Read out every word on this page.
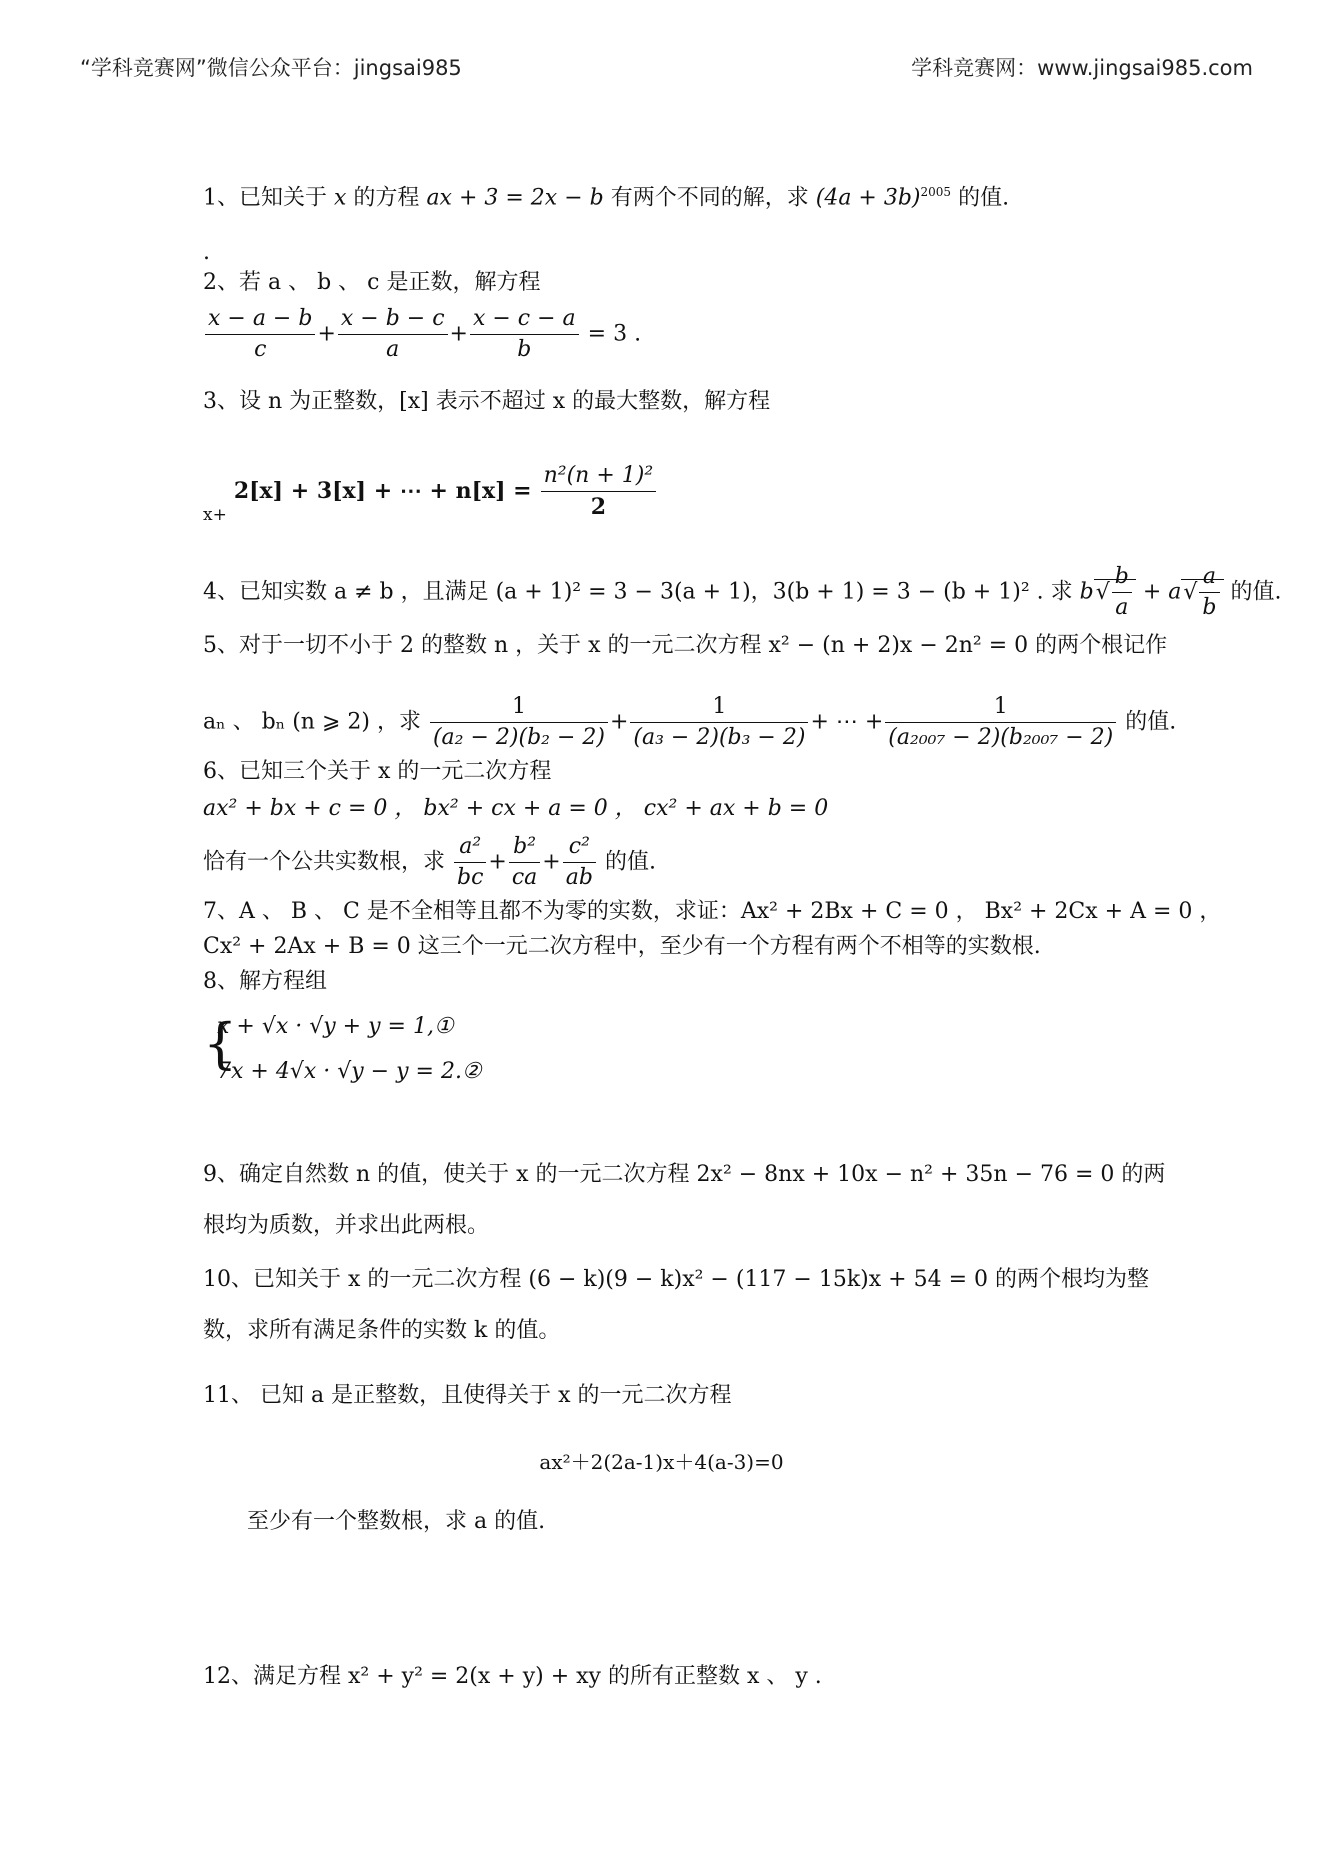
“学科竞赛网”微信公众平台：jingsai985	学科竞赛网：www.jingsai985.com
1、已知关于 x 的方程 ax + 3 = 2x − b 有两个不同的解，求 $(4a + 3b)^{2005}$ 的值.
.
2、若 a 、 b 、 c 是正数，解方程
$\frac{x - a - b}{c} + \frac{x - b - c}{a} + \frac{x - c - a}{b} = 3$ .
3、设 n 为正整数，[x] 表示不超过 x 的最大整数，解方程
$_{x+}$ 2[x] + 3[x] + ⋯ + $n[x] = \frac{\text{n²(n + 1)²}}{2}$
4、已知实数 a ≠ b ，且满足 (a + 1)² = 3 − 3(a + 1)，3(b + 1) = 3 − (b + 1)² . 求 $b√ \frac{b}{a} + a√ \frac{a}{b}$ 的值.
5、对于一切不小于 2 的整数 n ，关于 x 的一元二次方程 x² − (n + 2)x − 2n² = 0 的两个根记作
aₙ 、 bₙ (n ⩾ 2) ，求 $\frac{1}{\text{(a₂ − 2)(b₂ − 2)}} + \frac{1}{\text{(a₃ − 2)(b₃ − 2)}}$ + ⋯ + $\frac{1}{\text{(a₂₀₀₇ − 2)(b₂₀₀₇ − 2)}}$ 的值.
6、已知三个关于 x 的一元二次方程
ax² + bx + c = 0 ， bx² + cx + a = 0 ， cx² + ax + b = 0
恰有一个公共实数根，求 $\frac{\text{a²}}{bc} + \frac{\text{b²}}{ca} + \frac{\text{c²}}{ab}$ 的值.
7、A 、 B 、 C 是不全相等且都不为零的实数，求证：Ax² + 2Bx + C = 0 ， Bx² + 2Cx + A = 0 ，
Cx² + 2Ax + B = 0 这三个一元二次方程中，至少有一个方程有两个不相等的实数根.
8、解方程组
{
x + √x · √y + y = 1,①
7x + 4√x · √y − y = 2.②
9、确定自然数 n 的值，使关于 x 的一元二次方程 2x² − 8nx + 10x − n² + 35n − 76 = 0 的两
根均为质数，并求出此两根。
10、已知关于 x 的一元二次方程 (6 − k)(9 − k)x² − (117 − 15k)x + 54 = 0 的两个根均为整
数，求所有满足条件的实数 k 的值。
11、 已知 a 是正整数，且使得关于 x 的一元二次方程
ax²＋2(2a-1)x＋4(a-3)=0
至少有一个整数根，求 a 的值.
12、满足方程 x² + y² = 2(x + y) + xy 的所有正整数 x 、 y .
